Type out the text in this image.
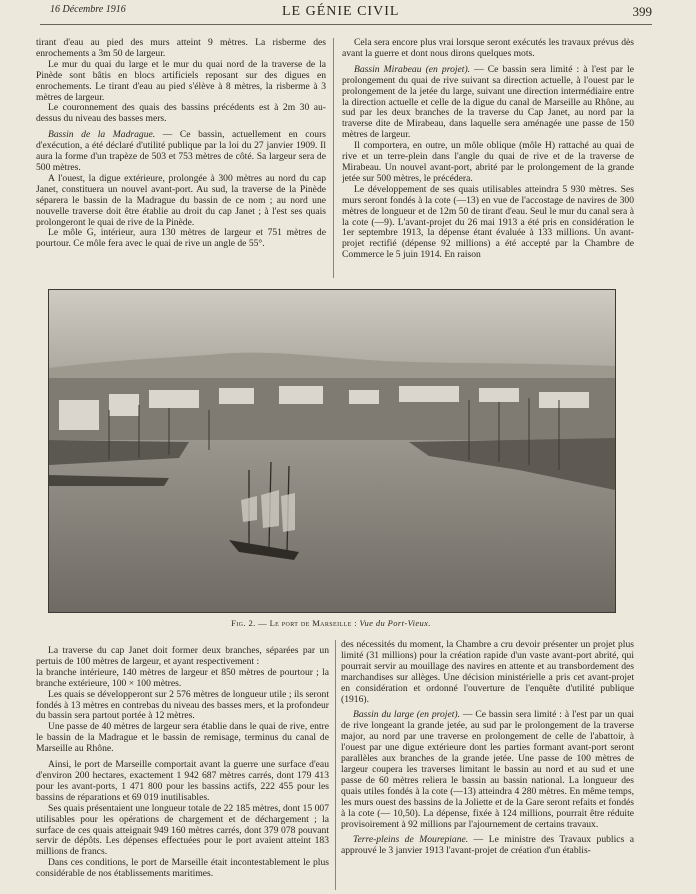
16 Décembre 1916	LE GÉNIE CIVIL	399

tirant d'eau au pied des murs atteint 9 mètres. La risberme des enrochements a 3m 50 de largeur.

Le mur du quai du large et le mur du quai nord de la traverse de la Pinède sont bâtis en blocs artificiels reposant sur des digues en enrochements. Le tirant d'eau au pied s'élève à 8 mètres, la risberme à 3 mètres de largeur.

Le couronnement des quais des bassins précédents est à 2m 30 au-dessus du niveau des basses mers.

Bassin de la Madrague. — Ce bassin, actuellement en cours d'exécution, a été déclaré d'utilité publique par la loi du 27 janvier 1909. Il aura la forme d'un trapèze de 503 et 753 mètres de côté. Sa largeur sera de 500 mètres.

A l'ouest, la digue extérieure, prolongée à 300 mètres au nord du cap Janet, constituera un nouvel avant-port. Au sud, la traverse de la Pinède séparera le bassin de la Madrague du bassin de ce nom ; au nord une nouvelle traverse doit être établie au droit du cap Janet ; à l'est ses quais prolongeront le quai de rive de la Pinède.

Le môle G, intérieur, aura 130 mètres de largeur et 751 mètres de pourtour. Ce môle fera avec le quai de rive un angle de 55°.

Cela sera encore plus vrai lorsque seront exécutés les travaux prévus dès avant la guerre et dont nous dirons quelques mots.

Bassin Mirabeau (en projet). — Ce bassin sera limité : à l'est par le prolongement du quai de rive suivant sa direction actuelle, à l'ouest par le prolongement de la jetée du large, suivant une direction intermédiaire entre la direction actuelle et celle de la digue du canal de Marseille au Rhône, au sud par les deux branches de la traverse du Cap Janet, au nord par la traverse dite de Mirabeau, dans laquelle sera aménagée une passe de 150 mètres de largeur.

Il comportera, en outre, un môle oblique (môle H) rattaché au quai de rive et un terre-plein dans l'angle du quai de rive et de la traverse de Mirabeau. Un nouvel avant-port, abrité par le prolongement de la grande jetée sur 500 mètres, le précédera.

Le développement de ses quais utilisables atteindra 5 930 mètres. Ses murs seront fondés à la cote (—13) en vue de l'accostage de navires de 300 mètres de longueur et de 12m 50 de tirant d'eau. Seul le mur du canal sera à la cote (—9). L'avant-projet du 26 mai 1913 a été pris en considération le 1er septembre 1913, la dépense étant évaluée à 133 millions. Un avant-projet rectifié (dépense 92 millions) a été accepté par la Chambre de Commerce le 5 juin 1914. En raison

Fig. 2. — Le port de Marseille : Vue du Port-Vieux.

La traverse du cap Janet doit former deux branches, séparées par un pertuis de 100 mètres de largeur, et ayant respectivement :

la branche intérieure, 140 mètres de largeur et 850 mètres de pourtour ; la branche extérieure, 100 × 100 mètres.

Les quais se développeront sur 2 576 mètres de longueur utile ; ils seront fondés à 13 mètres en contrebas du niveau des basses mers, et la profondeur du bassin sera partout portée à 12 mètres.

Une passe de 40 mètres de largeur sera établie dans le quai de rive, entre le bassin de la Madrague et le bassin de remisage, terminus du canal de Marseille au Rhône.

Ainsi, le port de Marseille comportait avant la guerre une surface d'eau d'environ 200 hectares, exactement 1 942 687 mètres carrés, dont 179 413 pour les avant-ports, 1 471 800 pour les bassins actifs, 222 455 pour les bassins de réparations et 69 019 inutilisables.

Ses quais présentaient une longueur totale de 22 185 mètres, dont 15 007 utilisables pour les opérations de chargement et de déchargement ; la surface de ces quais atteignait 949 160 mètres carrés, dont 379 078 pouvant servir de dépôts. Les dépenses effectuées pour le port avaient atteint 183 millions de francs.

Dans ces conditions, le port de Marseille était incontestablement le plus considérable de nos établissements maritimes.

des nécessités du moment, la Chambre a cru devoir présenter un projet plus limité (31 millions) pour la création rapide d'un vaste avant-port abrité, qui pourrait servir au mouillage des navires en attente et au transbordement des marchandises sur allèges. Une décision ministérielle a pris cet avant-projet en considération et ordonné l'ouverture de l'enquête d'utilité publique (1916).

Bassin du large (en projet). — Ce bassin sera limité : à l'est par un quai de rive longeant la grande jetée, au sud par le prolongement de la traverse major, au nord par une traverse en prolongement de celle de l'abattoir, à l'ouest par une digue extérieure dont les parties formant avant-port seront parallèles aux branches de la grande jetée. Une passe de 100 mètres de largeur coupera les traverses limitant le bassin au nord et au sud et une passe de 60 mètres reliera le bassin au bassin national. La longueur des quais utiles fondés à la cote (—13) atteindra 4 280 mètres. En même temps, les murs ouest des bassins de la Joliette et de la Gare seront refaits et fondés à la cote (— 10,50). La dépense, fixée à 124 millions, pourrait être réduite provisoirement à 92 millions par l'ajournement de certains travaux.

Terre-pleins de Mourepiane. — Le ministre des Travaux publics a approuvé le 3 janvier 1913 l'avant-projet de création d'un établis-
